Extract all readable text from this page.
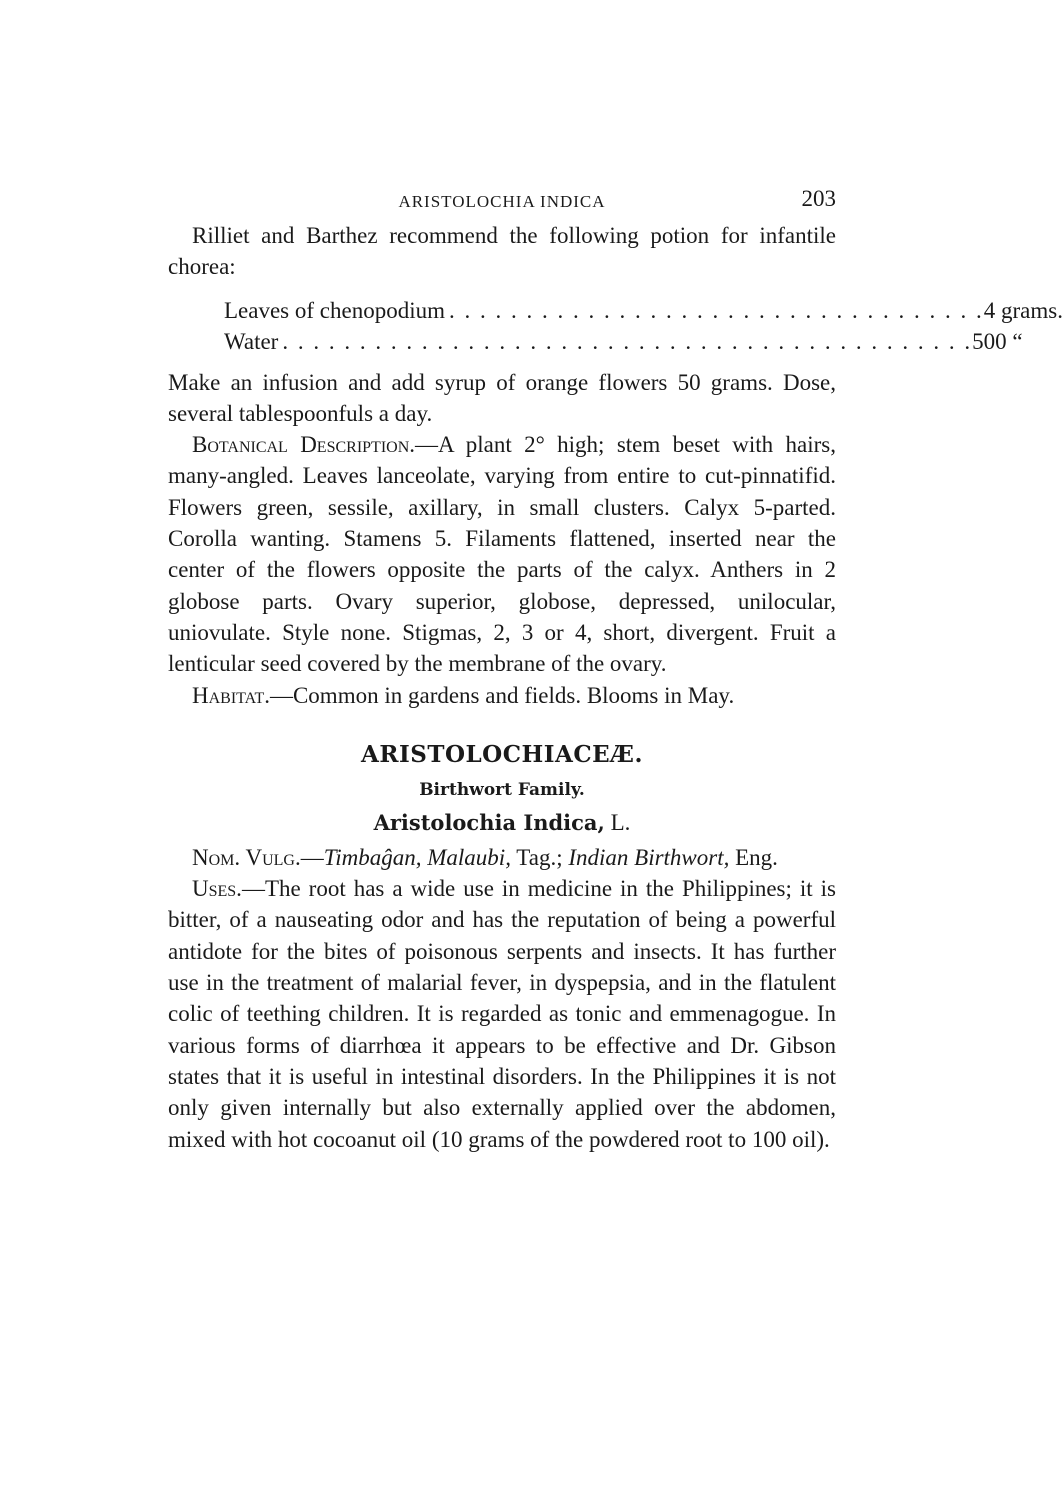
ARISTOLOCHIA INDICA	203

Rilliet and Barthez recommend the following potion for infantile chorea:

Leaves of chenopodium . . . . . . . . . . . . . . . . . . . . . . . . . . . . . . . . . . . 4 grams.
Water . . . . . . . . . . . . . . . . . . . . . . . . . . . . . . . . . . . . . . . . . . . . . 500 “

Make an infusion and add syrup of orange flowers 50 grams. Dose, several tablespoonfuls a day.

Botanical Description.—A plant 2° high; stem beset with hairs, many-angled. Leaves lanceolate, varying from entire to cut-pinnatifid. Flowers green, sessile, axillary, in small clusters. Calyx 5-parted. Corolla wanting. Stamens 5. Filaments flattened, inserted near the center of the flowers opposite the parts of the calyx. Anthers in 2 globose parts. Ovary superior, globose, depressed, unilocular, uniovulate. Style none. Stigmas, 2, 3 or 4, short, divergent. Fruit a lenticular seed covered by the membrane of the ovary.

Habitat.—Common in gardens and fields. Blooms in May.

ARISTOLOCHIACEÆ.
Birthwort Family.
Aristolochia Indica, L.

Nom. Vulg.—Timbaĝan, Malaubi, Tag.; Indian Birthwort, Eng.

Uses.—The root has a wide use in medicine in the Philippines; it is bitter, of a nauseating odor and has the reputation of being a powerful antidote for the bites of poisonous serpents and insects. It has further use in the treatment of malarial fever, in dyspepsia, and in the flatulent colic of teething children. It is regarded as tonic and emmenagogue. In various forms of diarrhœa it appears to be effective and Dr. Gibson states that it is useful in intestinal disorders. In the Philippines it is not only given internally but also externally applied over the abdomen, mixed with hot cocoanut oil (10 grams of the powdered root to 100 oil).
